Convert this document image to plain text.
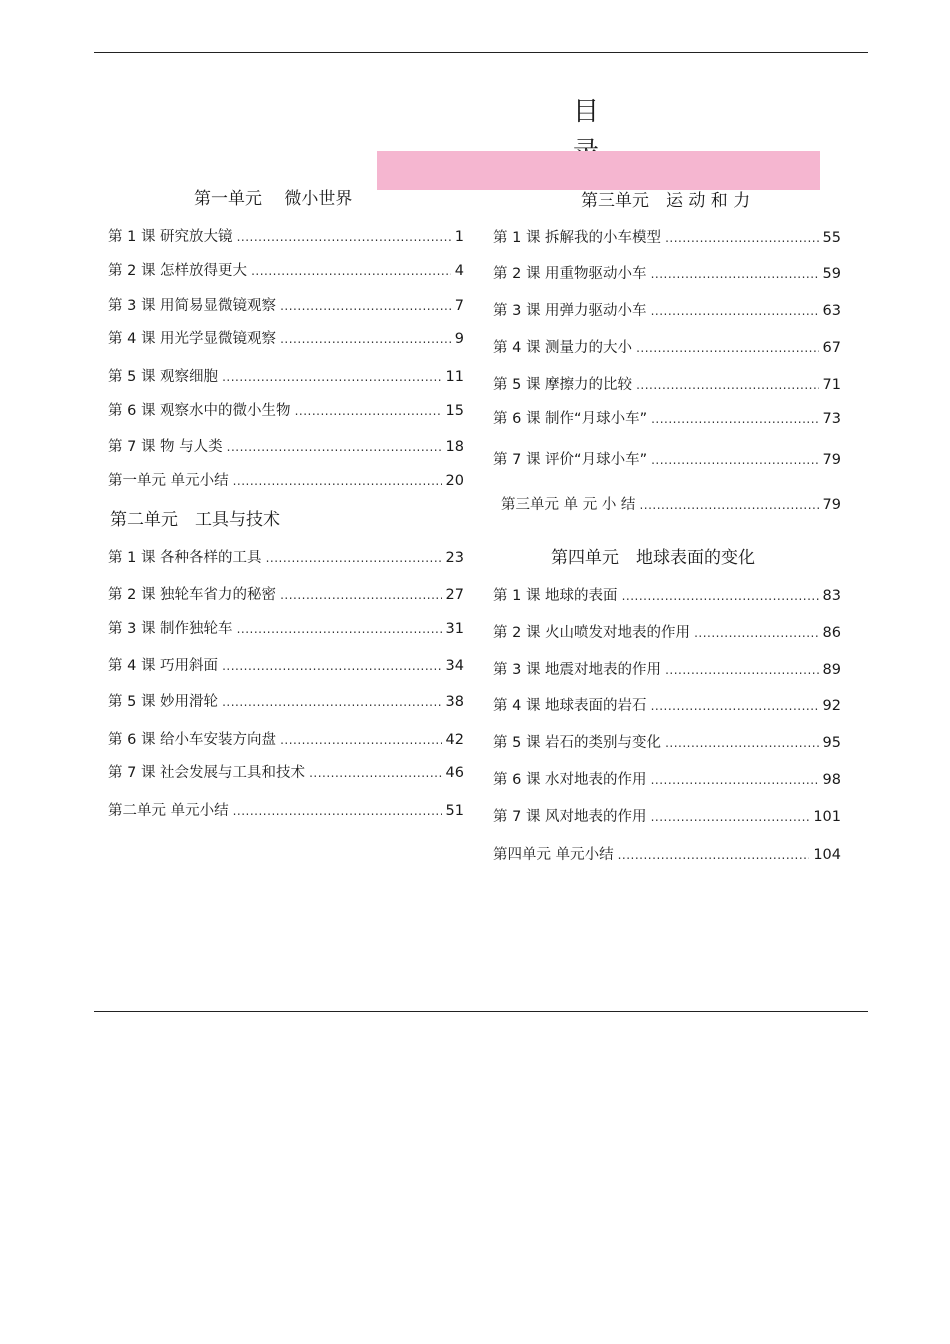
目　
第一单元　 微小世界
第 1 课 研究放大镜 .....	1
第 2 课 怎样放得更大 .....	4
第 3 课 用简易显微镜观察 .....	7
第 4 课 用光学显微镜观察 .....	9
第 5 课 观察细胞 .....	11
第 6 课 观察水中的微小生物 .....	15
第 7 课 物 与人类 .....	18
第一单元 单元小结 .....	20
第二单元　工具与技术
第 1 课 各种各样的工具 .....	23
第 2 课 独轮车省力的秘密 .....	27
第 3 课 制作独轮车 .....	31
第 4 课 巧用斜面 .....	34
第 5 课 妙用滑轮 .....	38
第 6 课 给小车安装方向盘 .....	42
第 7 课 社会发展与工具和技术 .....	46
第二单元 单元小结 .....	51
第三单元　运 动 和 力
第 1 课 拆解我的小车模型 .....	55
第 2 课 用重物驱动小车 .....	59
第 3 课 用弹力驱动小车 .....	63
第 4 课 测量力的大小 .....	67
第 5 课 摩擦力的比较 .....	71
第 6 课 制作“月球小车” .....	73
第 7 课 评价“月球小车” .....	79
第三单元 单 元 小 结 .....	79
第四单元　地球表面的变化
第 1 课 地球的表面 .....	83
第 2 课 火山喷发对地表的作用 .....	86
第 3 课 地震对地表的作用 .....	89
第 4 课 地球表面的岩石 .....	92
第 5 课 岩石的类别与变化 .....	95
第 6 课 水对地表的作用 .....	98
第 7 课 风对地表的作用 .....	101
第四单元 单元小结 .....	104
